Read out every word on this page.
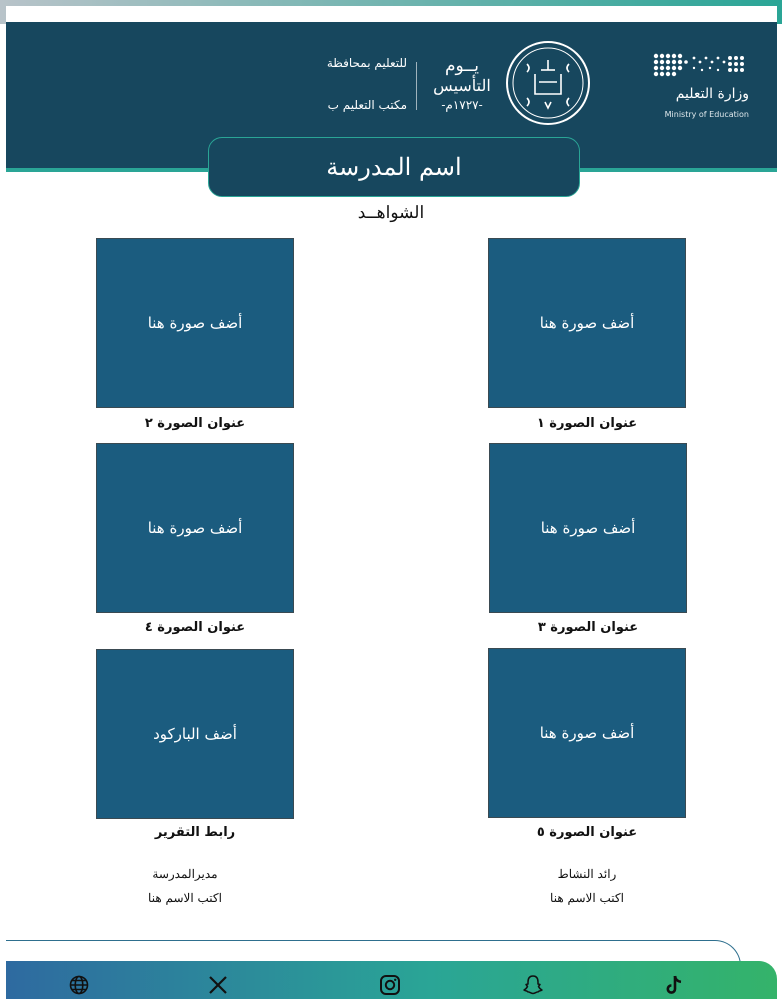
وزارة التعليم
Ministry of Education
يــوم
التأسيس
-١٧٢٧م-
للتعليم بمحافظة
مكتب التعليم ب
اسم المدرسة
الشواهــد
أضف صورة هنا
أضف صورة هنا
أضف صورة هنا
أضف صورة هنا
أضف صورة هنا
أضف الباركود
عنوان الصورة ١
عنوان الصورة ٢
عنوان الصورة ٣
عنوان الصورة ٤
عنوان الصورة ٥
رابط التقرير
رائد النشاط
اكتب الاسم هنا
مديرالمدرسة
اكتب الاسم هنا
